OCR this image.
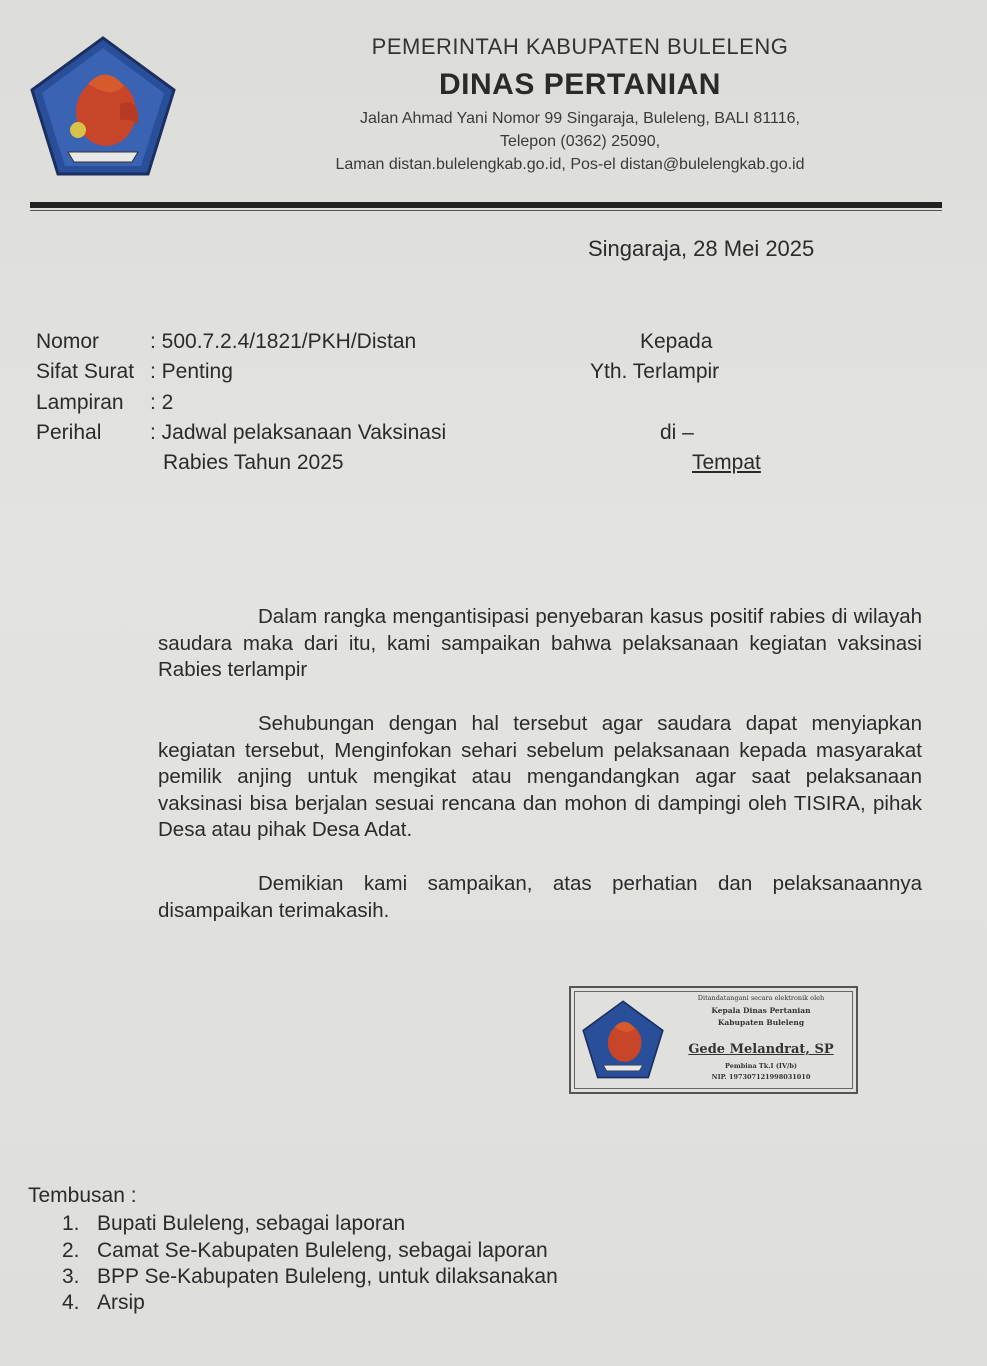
PEMERINTAH KABUPATEN BULELENG
DINAS PERTANIAN
Jalan Ahmad Yani Nomor 99 Singaraja, Buleleng, BALI 81116,
Telepon (0362) 25090,
Laman distan.bulelengkab.go.id, Pos-el distan@bulelengkab.go.id
Singaraja, 28 Mei 2025
Nomor : 500.7.2.4/1821/PKH/Distan
Sifat Surat : Penting
Lampiran : 2
Perihal : Jadwal pelaksanaan Vaksinasi
Rabies Tahun 2025
Kepada
Yth. Terlampir
di –
Tempat
Dalam rangka mengantisipasi penyebaran kasus positif rabies di wilayah saudara maka dari itu, kami sampaikan bahwa pelaksanaan kegiatan vaksinasi Rabies terlampir
Sehubungan dengan hal tersebut agar saudara dapat menyiapkan kegiatan tersebut, Menginfokan sehari sebelum pelaksanaan kepada masyarakat pemilik anjing untuk mengikat atau mengandangkan agar saat pelaksanaan vaksinasi bisa berjalan sesuai rencana dan mohon di dampingi oleh TISIRA, pihak Desa atau pihak Desa Adat.
Demikian kami sampaikan, atas perhatian dan pelaksanaannya disampaikan terimakasih.
Ditandatangani secara elektronik oleh
Kepala Dinas Pertanian
Kabupaten Buleleng
Gede Melandrat, SP
Pembina Tk.I (IV/b)
NIP. 197307121998031010
Tembusan :
1. Bupati Buleleng, sebagai laporan
2. Camat Se-Kabupaten Buleleng, sebagai laporan
3. BPP Se-Kabupaten Buleleng, untuk dilaksanakan
4. Arsip
